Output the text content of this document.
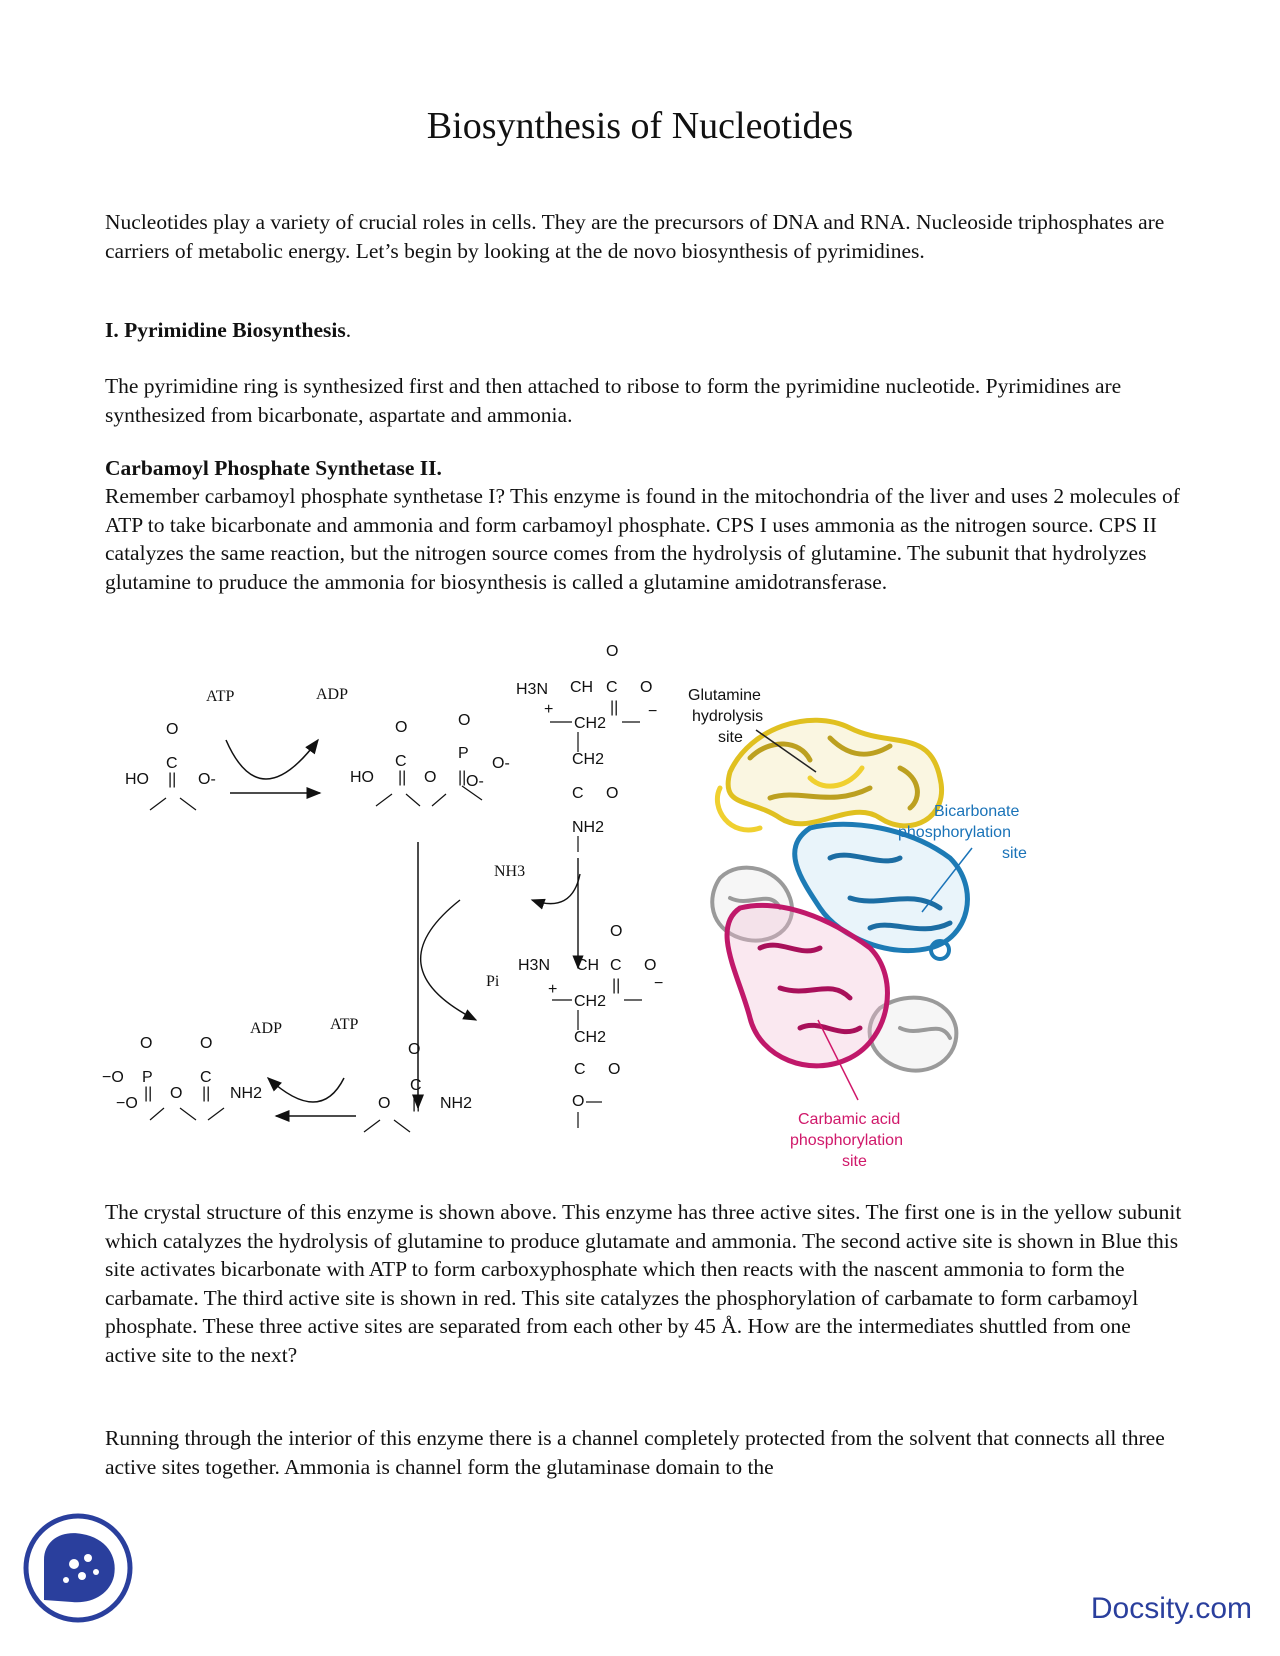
Biosynthesis of Nucleotides

Nucleotides play a variety of crucial roles in cells. They are the precursors of DNA and RNA. Nucleoside triphosphates are carriers of metabolic energy. Let’s begin by looking at the de novo biosynthesis of pyrimidines.

I. Pyrimidine Biosynthesis.

The pyrimidine ring is synthesized first and then attached to ribose to form the pyrimidine nucleotide. Pyrimidines are synthesized from bicarbonate, aspartate and ammonia.

Carbamoyl Phosphate Synthetase II.

Remember carbamoyl phosphate synthetase I? This enzyme is found in the mitochondria of the liver and uses 2 molecules of ATP to take bicarbonate and ammonia and form carbamoyl phosphate. CPS I uses ammonia as the nitrogen source. CPS II catalyzes the same reaction, but the nitrogen source comes from the hydrolysis of glutamine. The subunit that hydrolyzes glutamine to pruduce the ammonia for biosynthesis is called a glutamine amidotransferase.

O
C
HO || O-
ATP	ADP
O	O
C	P
HO || O ||
O-
O-
O
H3N CH C O
||
+
CH2
−
CH2
C O
NH2
NH3
Pi
O
H3N CH C O
||
+
CH2
−
CH2
C O
O
O
C
O || NH2
ADP	ATP
O	O
−O P	C
−O
|| O || NH2
Glutamine
hydrolysis
site
Bicarbonate
phosphorylation
site
Carbamic acid
phosphorylation
site

The crystal structure of this enzyme is shown above. This enzyme has three active sites. The first one is in the yellow subunit which catalyzes the hydrolysis of glutamine to produce glutamate and ammonia. The second active site is shown in Blue this site activates bicarbonate with ATP to form carboxyphosphate which then reacts with the nascent ammonia to form the carbamate. The third active site is shown in red. This site catalyzes the phosphorylation of carbamate to form carbamoyl phosphate. These three active sites are separated from each other by 45 Å. How are the intermediates shuttled from one active site to the next?

Running through the interior of this enzyme there is a channel completely protected from the solvent that connects all three active sites together. Ammonia is channel form the glutaminase domain to the

Docsity.com
